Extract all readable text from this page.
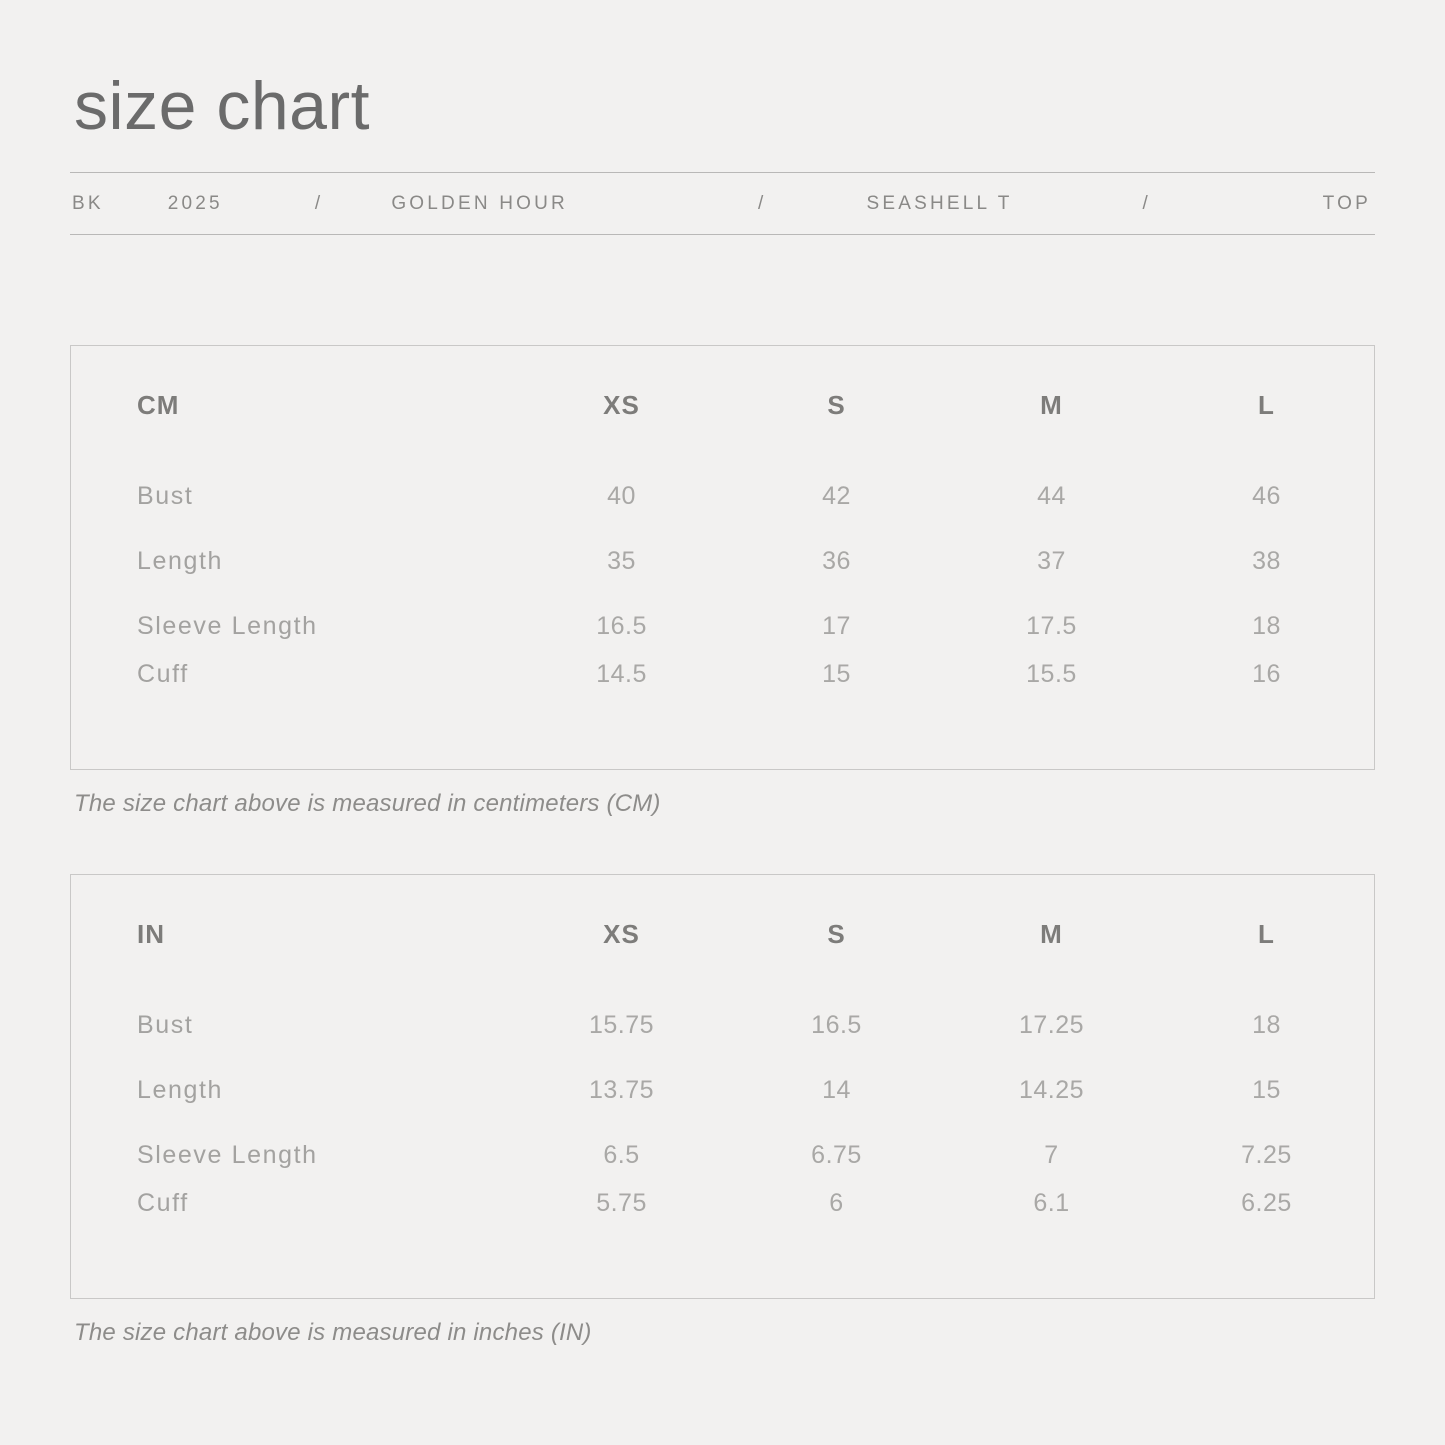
size chart
BK	2025	/	GOLDEN HOUR	/	SEASHELL T	/	TOP
CM	XS	S	M	L
Bust	40	42	44	46
Length	35	36	37	38
Sleeve Length	16.5	17	17.5	18
Cuff	14.5	15	15.5	16
The size chart above is measured in centimeters (CM)
IN	XS	S	M	L
Bust	15.75	16.5	17.25	18
Length	13.75	14	14.25	15
Sleeve Length	6.5	6.75	7	7.25
Cuff	5.75	6	6.1	6.25
The size chart above is measured in inches (IN)
